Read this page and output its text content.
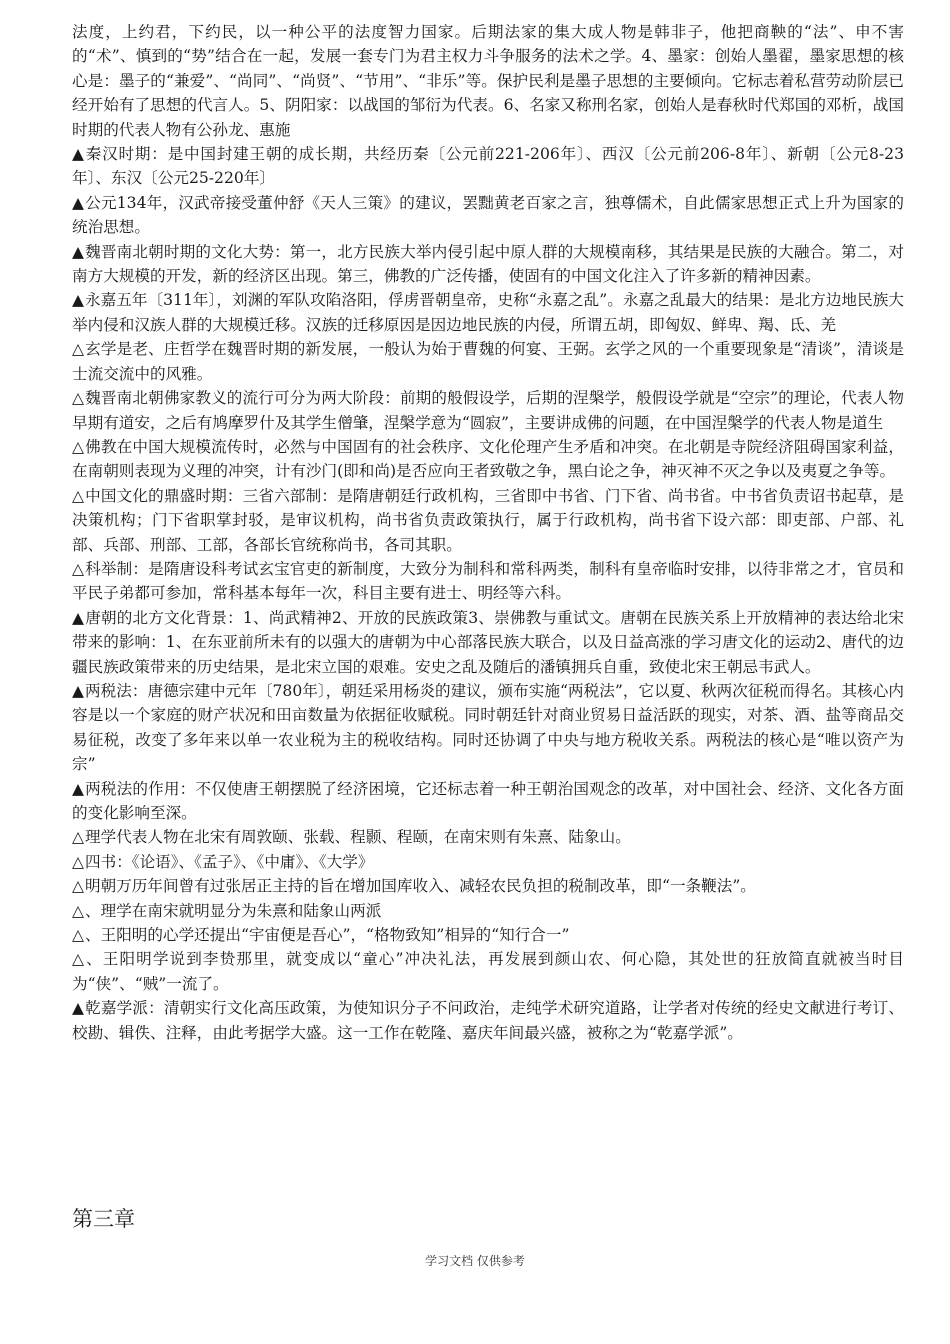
法度，上约君，下约民，以一种公平的法度智力国家。后期法家的集大成人物是韩非子，他把商鞅的“法”、申不害的“术”、慎到的“势”结合在一起，发展一套专门为君主权力斗争服务的法术之学。4、墨家：创始人墨翟，墨家思想的核心是：墨子的“兼爱”、“尚同”、“尚贤”、“节用”、“非乐”等。保护民利是墨子思想的主要倾向。它标志着私营劳动阶层已经开始有了思想的代言人。5、阴阳家：以战国的邹衍为代表。6、名家又称刑名家，创始人是春秋时代郑国的邓析，战国时期的代表人物有公孙龙、惠施

▲秦汉时期：是中国封建王朝的成长期，共经历秦〔公元前221-206年〕、西汉〔公元前206-8年〕、新朝〔公元8-23年〕、东汉〔公元25-220年〕

▲公元134年，汉武帝接受董仲舒《天人三策》的建议，罢黜黄老百家之言，独尊儒术，自此儒家思想正式上升为国家的统治思想。

▲魏晋南北朝时期的文化大势：第一，北方民族大举内侵引起中原人群的大规模南移，其结果是民族的大融合。第二，对南方大规模的开发，新的经济区出现。第三，佛教的广泛传播，使固有的中国文化注入了许多新的精神因素。

▲永嘉五年〔311年〕，刘渊的军队攻陷洛阳，俘虏晋朝皇帝，史称“永嘉之乱”。永嘉之乱最大的结果：是北方边地民族大举内侵和汉族人群的大规模迁移。汉族的迁移原因是因边地民族的内侵，所谓五胡，即匈奴、鲜卑、羯、氐、羌

△玄学是老、庄哲学在魏晋时期的新发展，一般认为始于曹魏的何宴、王弼。玄学之风的一个重要现象是“清谈”，清谈是士流交流中的风雅。

△魏晋南北朝佛家教义的流行可分为两大阶段：前期的般假设学，后期的涅槃学，般假设学就是“空宗”的理论，代表人物早期有道安，之后有鸠摩罗什及其学生僧肇，涅槃学意为“圆寂”，主要讲成佛的问题，在中国涅槃学的代表人物是道生

△佛教在中国大规模流传时，必然与中国固有的社会秩序、文化伦理产生矛盾和冲突。在北朝是寺院经济阻碍国家利益，在南朝则表现为义理的冲突，计有沙门(即和尚)是否应向王者致敬之争，黑白论之争，神灭神不灭之争以及夷夏之争等。

△中国文化的鼎盛时期：三省六部制：是隋唐朝廷行政机构，三省即中书省、门下省、尚书省。中书省负责诏书起草，是决策机构；门下省职掌封驳，是审议机构，尚书省负责政策执行，属于行政机构，尚书省下设六部：即吏部、户部、礼部、兵部、刑部、工部，各部长官统称尚书，各司其职。

△科举制：是隋唐设科考试玄宝官吏的新制度，大致分为制科和常科两类，制科有皇帝临时安排，以待非常之才，官员和平民子弟都可参加，常科基本每年一次，科目主要有进士、明经等六科。

▲唐朝的北方文化背景：1、尚武精神2、开放的民族政策3、崇佛教与重试文。唐朝在民族关系上开放精神的表达给北宋带来的影响：1、在东亚前所未有的以强大的唐朝为中心部落民族大联合，以及日益高涨的学习唐文化的运动2、唐代的边疆民族政策带来的历史结果，是北宋立国的艰难。安史之乱及随后的潘镇拥兵自重，致使北宋王朝忌韦武人。

▲两税法：唐德宗建中元年〔780年〕，朝廷采用杨炎的建议，颁布实施“两税法”，它以夏、秋两次征税而得名。其核心内容是以一个家庭的财产状况和田亩数量为依据征收赋税。同时朝廷针对商业贸易日益活跃的现实，对茶、酒、盐等商品交易征税，改变了多年来以单一农业税为主的税收结构。同时还协调了中央与地方税收关系。两税法的核心是“唯以资产为宗”

▲两税法的作用：不仅使唐王朝摆脱了经济困境，它还标志着一种王朝治国观念的改革，对中国社会、经济、文化各方面的变化影响至深。

△理学代表人物在北宋有周敦颐、张载、程颢、程颐，在南宋则有朱熹、陆象山。

△四书：《论语》、《孟子》、《中庸》、《大学》

△明朝万历年间曾有过张居正主持的旨在增加国库收入、减轻农民负担的税制改革，即“一条鞭法”。

△、理学在南宋就明显分为朱熹和陆象山两派

△、王阳明的心学还提出“宇宙便是吾心”，“格物致知”相异的“知行合一”

△、王阳明学说到李贽那里，就变成以“童心”冲决礼法，再发展到颜山农、何心隐，其处世的狂放简直就被当时目为“侠”、“贼”一流了。

▲乾嘉学派：清朝实行文化高压政策，为使知识分子不问政治，走纯学术研究道路，让学者对传统的经史文献进行考订、校勘、辑佚、注释，由此考据学大盛。这一工作在乾隆、嘉庆年间最兴盛，被称之为“乾嘉学派”。

第三章
学习文档 仅供参考
